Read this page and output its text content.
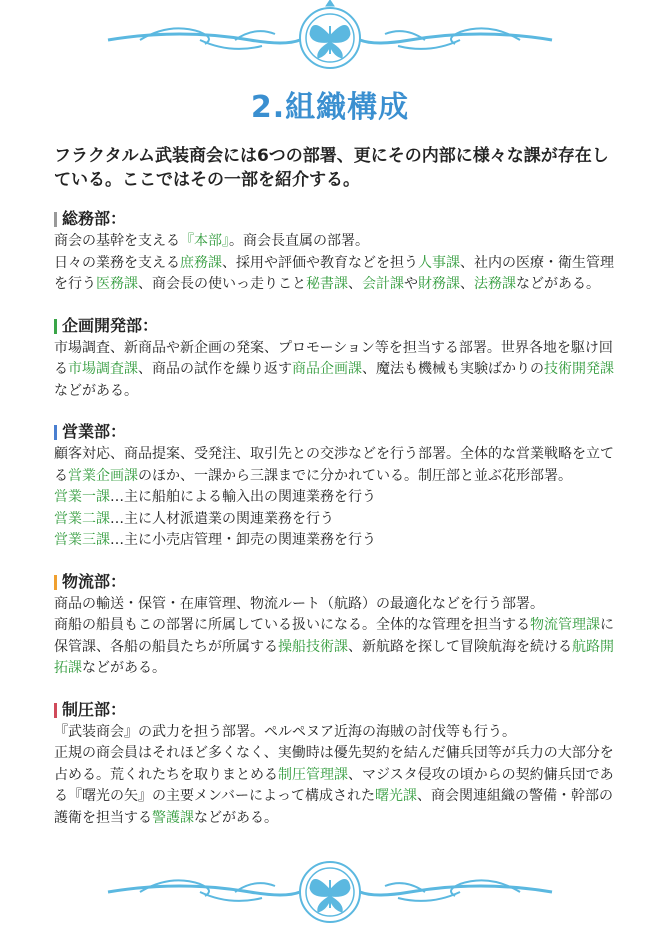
2.組織構成
フラクタルム武装商会には6つの部署、更にその内部に様々な課が存在している。ここではその一部を紹介する。
総務部：

商会の基幹を支える『本部』。商会長直属の部署。

日々の業務を支える庶務課、採用や評価や教育などを担う人事課、社内の医療・衛生管理を行う医務課、商会長の使いっ走りこと秘書課、会計課や財務課、法務課などがある。

企画開発部：

市場調査、新商品や新企画の発案、プロモーション等を担当する部署。世界各地を駆け回る市場調査課、商品の試作を繰り返す商品企画課、魔法も機械も実験ばかりの技術開発課などがある。

営業部：

顧客対応、商品提案、受発注、取引先との交渉などを行う部署。全体的な営業戦略を立てる営業企画課のほか、一課から三課までに分かれている。制圧部と並ぶ花形部署。

営業一課…主に船舶による輸入出の関連業務を行う

営業二課…主に人材派遣業の関連業務を行う

営業三課…主に小売店管理・卸売の関連業務を行う

物流部：

商品の輸送・保管・在庫管理、物流ルート（航路）の最適化などを行う部署。

商船の船員もこの部署に所属している扱いになる。全体的な管理を担当する物流管理課に保管課、各船の船員たちが所属する操船技術課、新航路を探して冒険航海を続ける航路開拓課などがある。

制圧部：

『武装商会』の武力を担う部署。ペルペヌア近海の海賊の討伐等も行う。

正規の商会員はそれほど多くなく、実働時は優先契約を結んだ傭兵団等が兵力の大部分を占める。荒くれたちを取りまとめる制圧管理課、マジスタ侵攻の頃からの契約傭兵団である『曙光の矢』の主要メンバーによって構成された曙光課、商会関連組織の警備・幹部の護衛を担当する警護課などがある。
